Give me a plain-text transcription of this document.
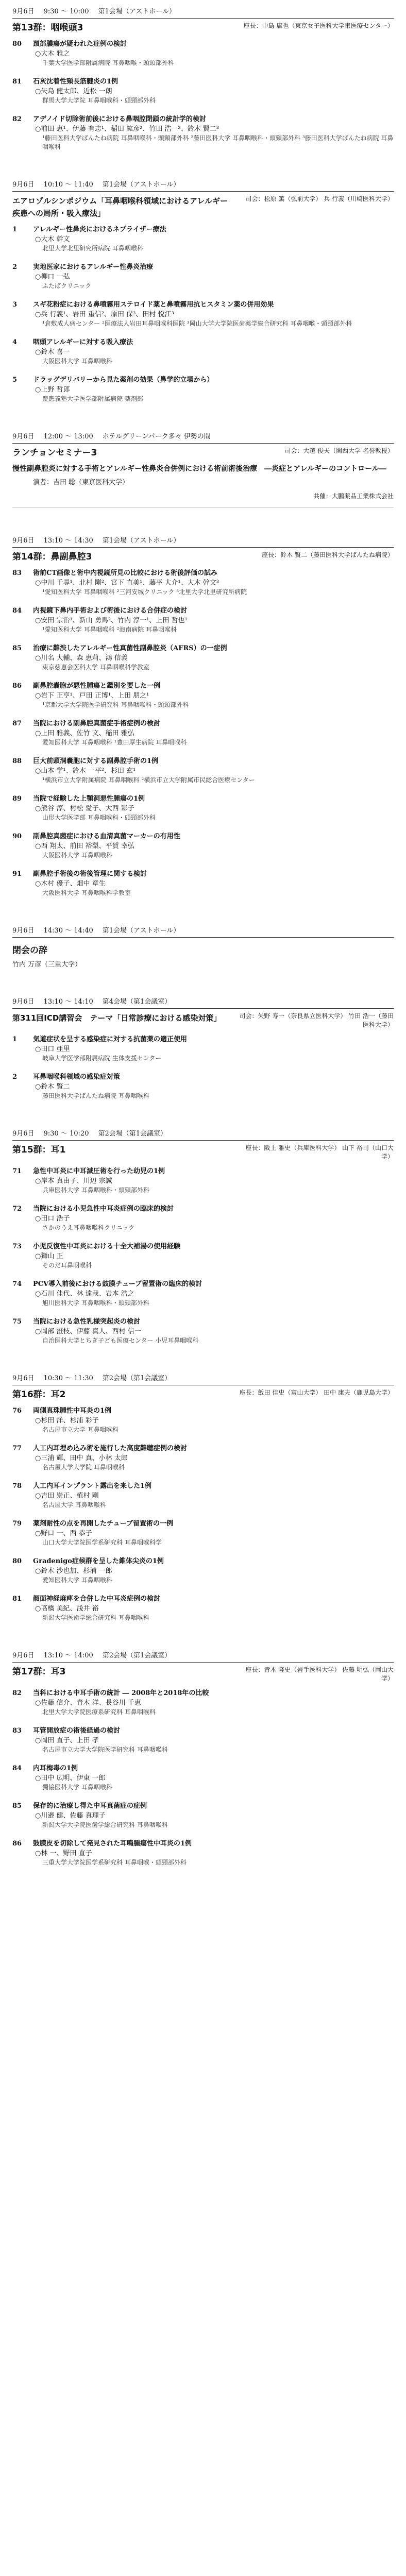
9月6日 9:30 〜 10:00 第1会場（アストホール）
第13群：咽喉頭3	座長：中島 庸也（東京女子医科大学東医療センター）
80	頚部膿瘍が疑われた症例の検討
○大木 雅之
千葉大学医学部附属病院 耳鼻咽喉・頭頸部外科
81	石灰沈着性頸長筋腱炎の1例
○矢島 健太郎、近松 一朗
群馬大学大学院 耳鼻咽喉科・頭頸部外科
82	アデノイド切除術前後における鼻咽腔閉鎖の統計学的検討
○前田 恵¹、伊藤 有志¹、稲田 紘彦²、竹田 浩一²、鈴木 賢二³
¹藤田医科大学ばんたね病院 耳鼻咽喉科・頭頸部外科 ²藤田医科大学 耳鼻咽喉科・頭頸部外科 ³藤田医科大学ばんたね病院 耳鼻咽喉科
9月6日 10:10 〜 11:40 第1会場（アストホール）
エアロゾルシンポジウム「耳鼻咽喉科領域におけるアレルギー疾患への局所・吸入療法」
司会：松原 篤（弘前大学） 兵 行義（川崎医科大学）
1	アレルギー性鼻炎におけるネブライザー療法
○大木 幹文
北里大学北里研究所病院 耳鼻咽喉科
2	実地医家におけるアレルギー性鼻炎治療
○柳口 一弘
ふたばクリニック
3	スギ花粉症における鼻噴霧用ステロイド薬と鼻噴霧用抗ヒスタミン薬の併用効果
○兵 行義¹、岩田 重信²、原田 保³、田村 悦江³
¹倉敷成人病センター ²医療法人岩田耳鼻咽喉科医院 ³岡山大学大学院医歯薬学総合研究科 耳鼻咽喉・頭頸部外科
4	咽頭アレルギーに対する吸入療法
○鈴木 喜一
大阪医科大学 耳鼻咽喉科
5	ドラッグデリバリーから見た薬剤の効果（鼻学的立場から）
○上野 哲郎
慶應義塾大学医学部附属病院 薬剤部
9月6日 12:00 〜 13:00 ホテルグリーンパーク多々 伊勢の間
ランチョンセミナー3	司会：大越 俊夫（関西大学 名誉教授）
慢性副鼻腔炎に対する手術とアレルギー性鼻炎合併例における術前術後治療　―炎症とアレルギーのコントロール―
演者：吉田 聡（東京医科大学）
共催：大鵬薬品工業株式会社
9月6日 13:10 〜 14:30 第1会場（アストホール）
第14群：鼻副鼻腔3	座長：鈴木 賢二（藤田医科大学ばんたね病院）
83	術前CT画像と術中内視鏡所見の比較における術後評価の試み
○中川 千尋¹、北村 剛²、宮下 直美¹、藤平 大介¹、大木 幹文³
¹愛知医科大学 耳鼻咽喉科 ²三河安城クリニック ³北里大学北里研究所病院
84	内視鏡下鼻内手術および術後における合併症の検討
○安田 宗治¹、新山 勇馬²、竹内 淳一¹、上田 哲也¹
¹愛知医科大学 耳鼻咽喉科 ²海南病院 耳鼻咽喉科
85	治療に難渋したアレルギー性真菌性副鼻腔炎（AFRS）の一症例
○川名 大輔、森 恵莉、鴻 信義
東京慈恵会医科大学 耳鼻咽喉科学教室
86	副鼻腔嚢胞が悪性腫瘍と鑑別を要した一例
○岩下 正亨¹、戸田 正博¹、上田 朋之¹
¹京都大学大学院医学研究科 耳鼻咽喉科・頭頸部外科
87	当院における副鼻腔真菌症手術症例の検討
○上田 雅義、佐竹 文、稲田 雅弘
愛知医科大学 耳鼻咽喉科 ¹豊田厚生病院 耳鼻咽喉科
88	巨大前頭洞嚢胞に対する副鼻腔手術の1例
○山本 学¹、鈴木 一平²、杉田 玄¹
¹横浜市立大学附属病院 耳鼻咽喉科 ²横浜市立大学附属市民総合医療センター
89	当院で経験した上顎洞悪性腫瘍の1例
○熊谷 淳、村松 愛子、大西 彩子
山形大学医学部 耳鼻咽喉科・頭頸部外科
90	副鼻腔真菌症における血清真菌マーカーの有用性
○西 翔太、前田 裕梨、平賀 幸弘
大阪医科大学 耳鼻咽喉科
91	副鼻腔手術後の術後管理に関する検討
○木村 優子、畑中 章生
大阪医科大学 耳鼻咽喉科学教室
9月6日 14:30 〜 14:40 第1会場（アストホール）
閉会の辞
竹内 万彦（三重大学）
9月6日 13:10 〜 14:10 第4会場（第1会議室）
第311回ICD講習会　テーマ「日常診療における感染対策」	司会：矢野 寿一（奈良県立医科大学） 竹田 浩一（藤田医科大学）
1	気道症状を呈する感染症に対する抗菌薬の適正使用
○田口 亜里
岐阜大学医学部附属病院 生体支援センター
2	耳鼻咽喉科領域の感染症対策
○鈴木 賢二
藤田医科大学ばんたね病院 耳鼻咽喉科
9月6日 9:30 〜 10:20 第2会場（第1会議室）
第15群：耳1	座長：阪上 雅史（兵庫医科大学） 山下 裕司（山口大学）
71	急性中耳炎に中耳減圧術を行った幼児の1例
○岸本 真由子、川辺 宗誠
兵庫医科大学 耳鼻咽喉科・頭頸部外科
72	当院における小児急性中耳炎症例の臨床的検討
○田口 浩子
さかのうえ耳鼻咽喉科クリニック
73	小児反復性中耳炎における十全大補湯の使用経験
○獅山 正
そのだ耳鼻咽喉科
74	PCV導入前後における鼓膜チューブ留置術の臨床的検討
○石川 佳代、林 達哉、岩本 浩之
旭川医科大学 耳鼻咽喉科・頭頸部外科
75	当院における急性乳様突起炎の検討
○岡部 澄枝、伊藤 真人、西村 信一
自治医科大学とちぎ子ども医療センター 小児耳鼻咽喉科
9月6日 10:30 〜 11:30 第2会場（第1会議室）
第16群：耳2	座長：飯田 佳史（富山大学） 田中 康夫（鹿児島大学）
76	両側真珠腫性中耳炎の1例
○杉田 洋、杉浦 彩子
名古屋市立大学 耳鼻咽喉科
77	人工内耳埋め込み術を施行した高度難聴症例の検討
○三浦 輝、田中 真、小林 太郎
名古屋大学大学院 耳鼻咽喉科
78	人工内耳インプラント露出を来した1例
○吉田 崇正、植村 剛
名古屋大学 耳鼻咽喉科
79	薬剤耐性の点を再開したチューブ留置術の一例
○野口 一、西 恭子
山口大学大学院医学系研究科 耳鼻咽喉科学
80	Gradenigo症候群を呈した錐体尖炎の1例
○鈴木 沙也加、杉浦 一郎
愛知医科大学 耳鼻咽喉科
81	顔面神経麻痺を合併した中耳炎症例の検討
○髙橋 美紀、浅井 裕
新潟大学医歯学総合研究科 耳鼻咽喉科
9月6日 13:10 〜 14:00 第2会場（第1会議室）
第17群：耳3	座長：青木 隆史（岩手医科大学） 佐藤 明弘（岡山大学）
82	当科における中耳手術の統計 ― 2008年と2018年の比較
○佐藤 信介、青木 洋、長谷川 千恵
北里大学大学院医療系研究科 耳鼻咽喉科
83	耳管開放症の術後経過の検討
○岡田 直子、上田 孝
名古屋市立大学大学院医学研究科 耳鼻咽喉科
84	内耳梅毒の1例
○田中 広明、伊東 一郎
獨協医科大学 耳鼻咽喉科
85	保存的に治療し得た中耳真菌症の症例
○川邉 健、佐藤 真理子
新潟大学大学院医歯学総合研究科 耳鼻咽喉科
86	鼓膜皮を切除して発見された耳鳴腫瘍性中耳炎の1例
○林 一、野田 直子
三重大学大学院医学系研究科 耳鼻咽喉・頭頸部外科
